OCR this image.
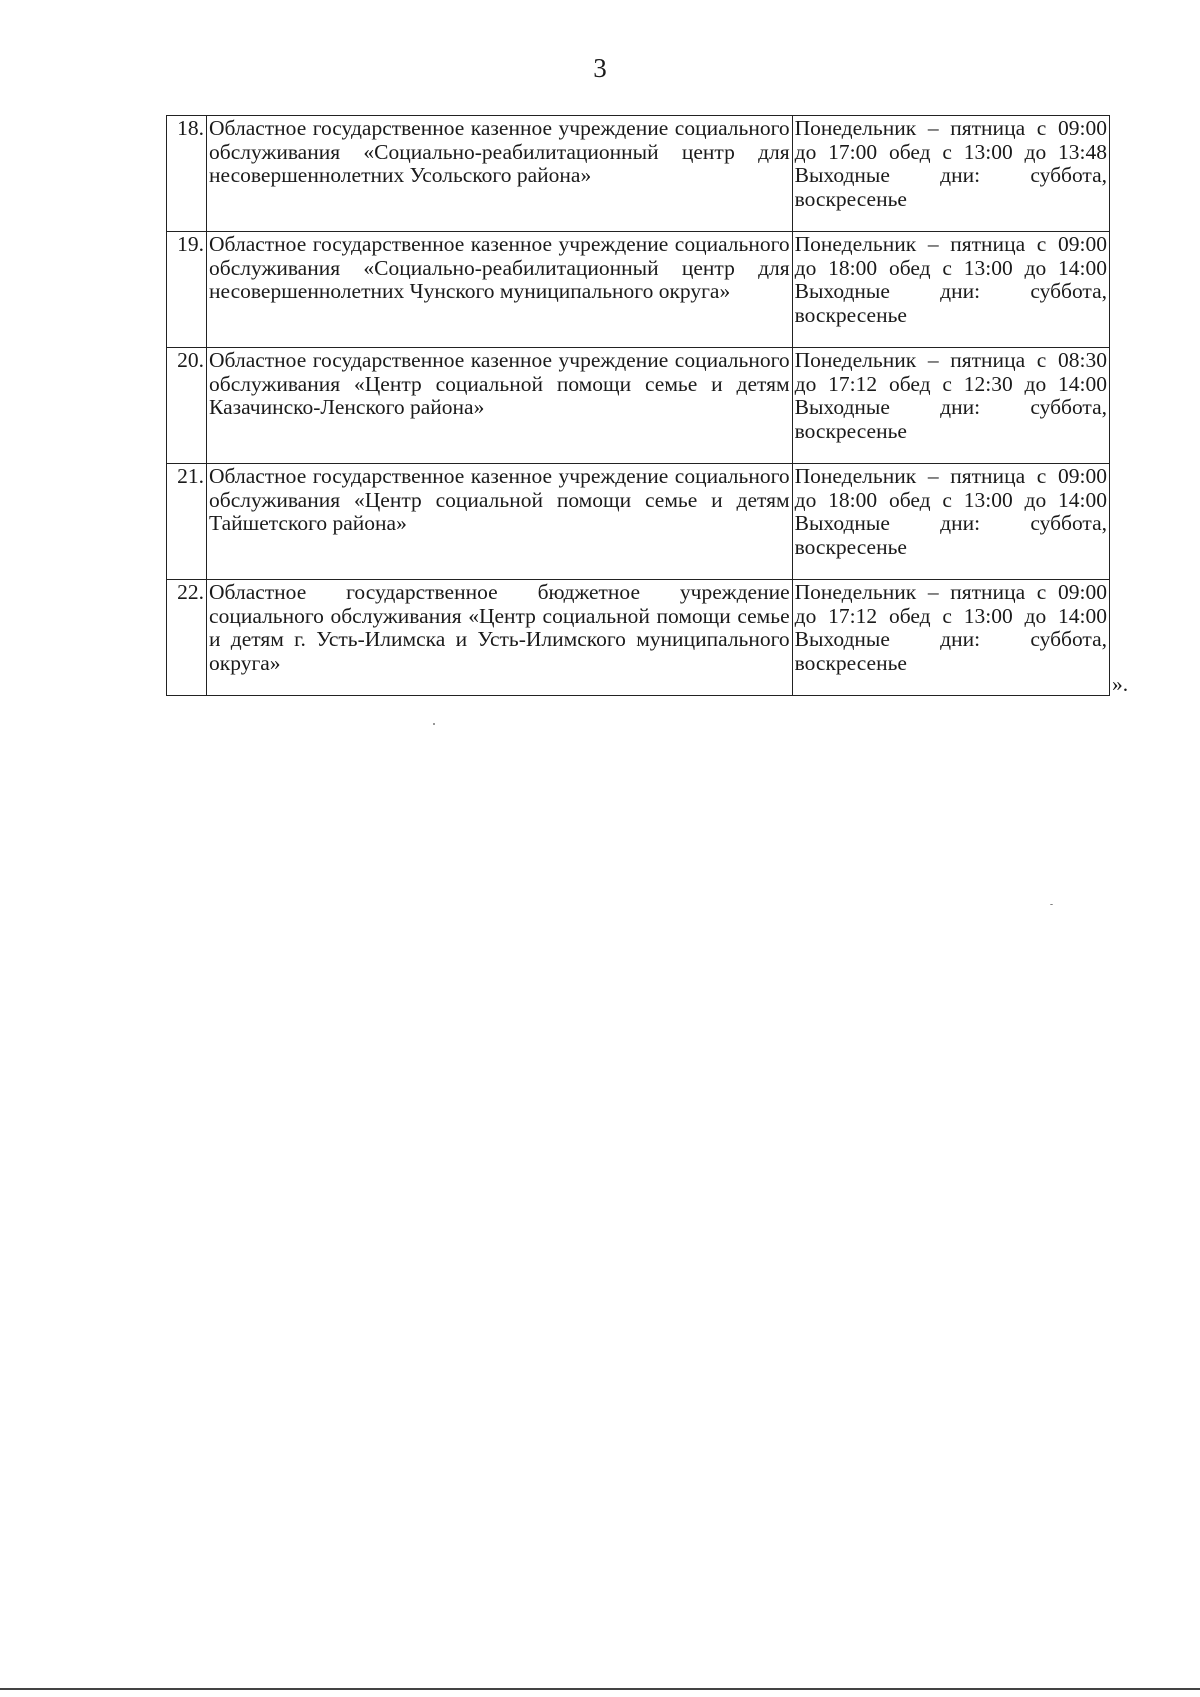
3
18.	Областное государственное казенное учреждение социального обслуживания «Социально-реабилитационный центр для несовершеннолетних Усольского района»	Понедельник – пятница с 09:00 до 17:00 обед с 13:00 до 13:48 Выходные дни: суббота, воскресенье
19.	Областное государственное казенное учреждение социального обслуживания «Социально-реабилитационный центр для несовершеннолетних Чунского муниципального округа»	Понедельник – пятница с 09:00 до 18:00 обед с 13:00 до 14:00 Выходные дни: суббота, воскресенье
20.	Областное государственное казенное учреждение социального обслуживания «Центр социальной помощи семье и детям Казачинско-Ленского района»	Понедельник – пятница с 08:30 до 17:12 обед с 12:30 до 14:00 Выходные дни: суббота, воскресенье
21.	Областное государственное казенное учреждение социального обслуживания «Центр социальной помощи семье и детям Тайшетского района»	Понедельник – пятница с 09:00 до 18:00 обед с 13:00 до 14:00 Выходные дни: суббота, воскресенье
22.	Областное государственное бюджетное учреждение социального обслуживания «Центр социальной помощи семье и детям г. Усть-Илимска и Усть-Илимского муниципального округа»	Понедельник – пятница с 09:00 до 17:12 обед с 13:00 до 14:00 Выходные дни: суббота, воскресенье
».
